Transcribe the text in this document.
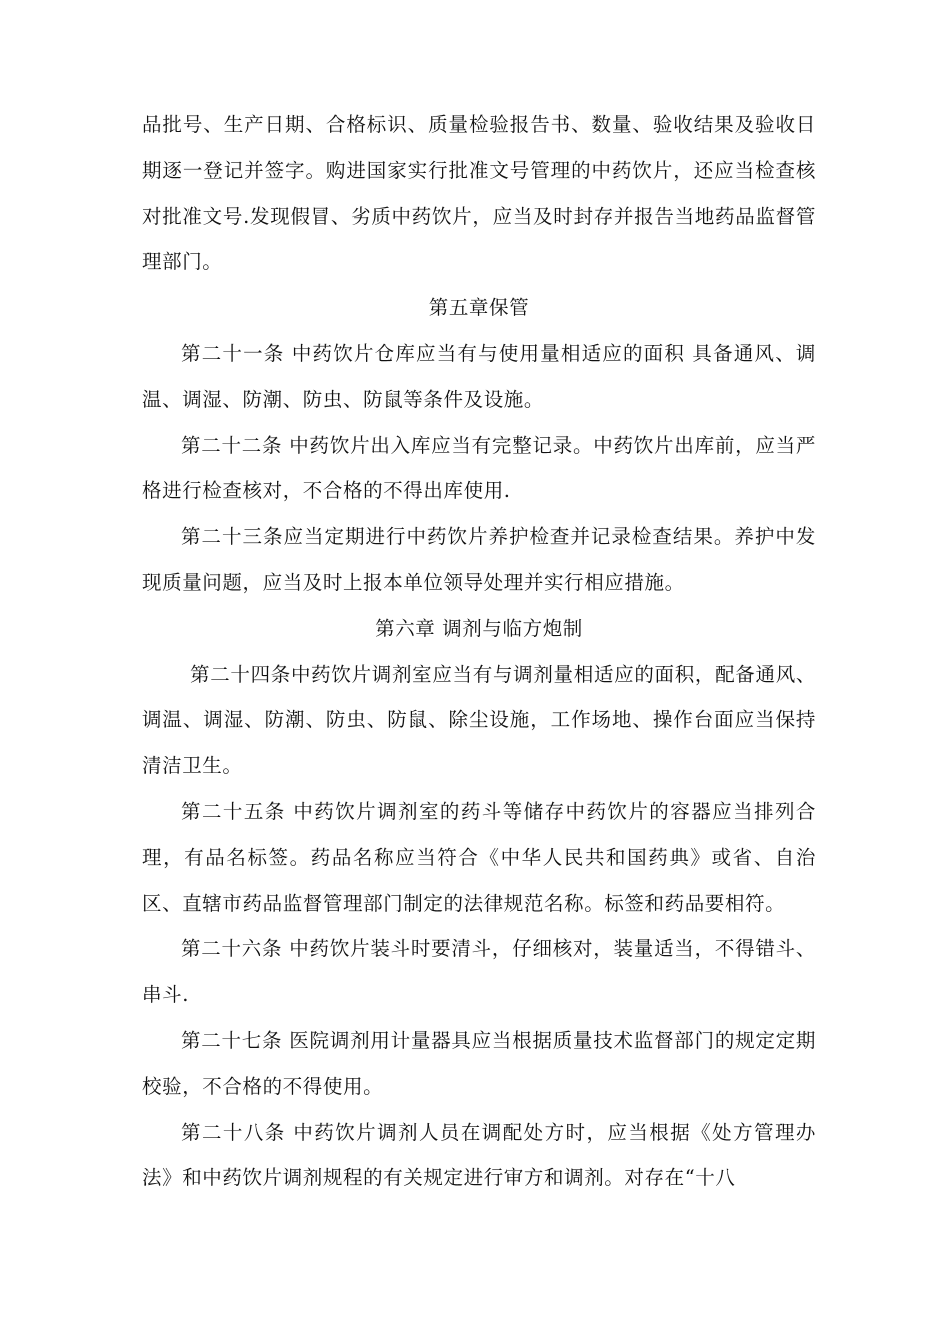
品批号、生产日期、合格标识、质量检验报告书、数量、验收结果及验收日期逐一登记并签字。购进国家实行批准文号管理的中药饮片，还应当检查核对批准文号.发现假冒、劣质中药饮片，应当及时封存并报告当地药品监督管理部门。

第五章保管

第二十一条 中药饮片仓库应当有与使用量相适应的面积 具备通风、调温、调湿、防潮、防虫、防鼠等条件及设施。

第二十二条 中药饮片出入库应当有完整记录。中药饮片出库前，应当严格进行检查核对，不合格的不得出库使用.

第二十三条应当定期进行中药饮片养护检查并记录检查结果。养护中发现质量问题，应当及时上报本单位领导处理并实行相应措施。

第六章 调剂与临方炮制

第二十四条中药饮片调剂室应当有与调剂量相适应的面积，配备通风、调温、调湿、防潮、防虫、防鼠、除尘设施，工作场地、操作台面应当保持清洁卫生。

第二十五条 中药饮片调剂室的药斗等储存中药饮片的容器应当排列合理，有品名标签。药品名称应当符合《中华人民共和国药典》或省、自治区、直辖市药品监督管理部门制定的法律规范名称。标签和药品要相符。

第二十六条 中药饮片装斗时要清斗，仔细核对，装量适当，不得错斗、串斗.

第二十七条 医院调剂用计量器具应当根据质量技术监督部门的规定定期校验，不合格的不得使用。

第二十八条 中药饮片调剂人员在调配处方时，应当根据《处方管理办法》和中药饮片调剂规程的有关规定进行审方和调剂。对存在“十八
